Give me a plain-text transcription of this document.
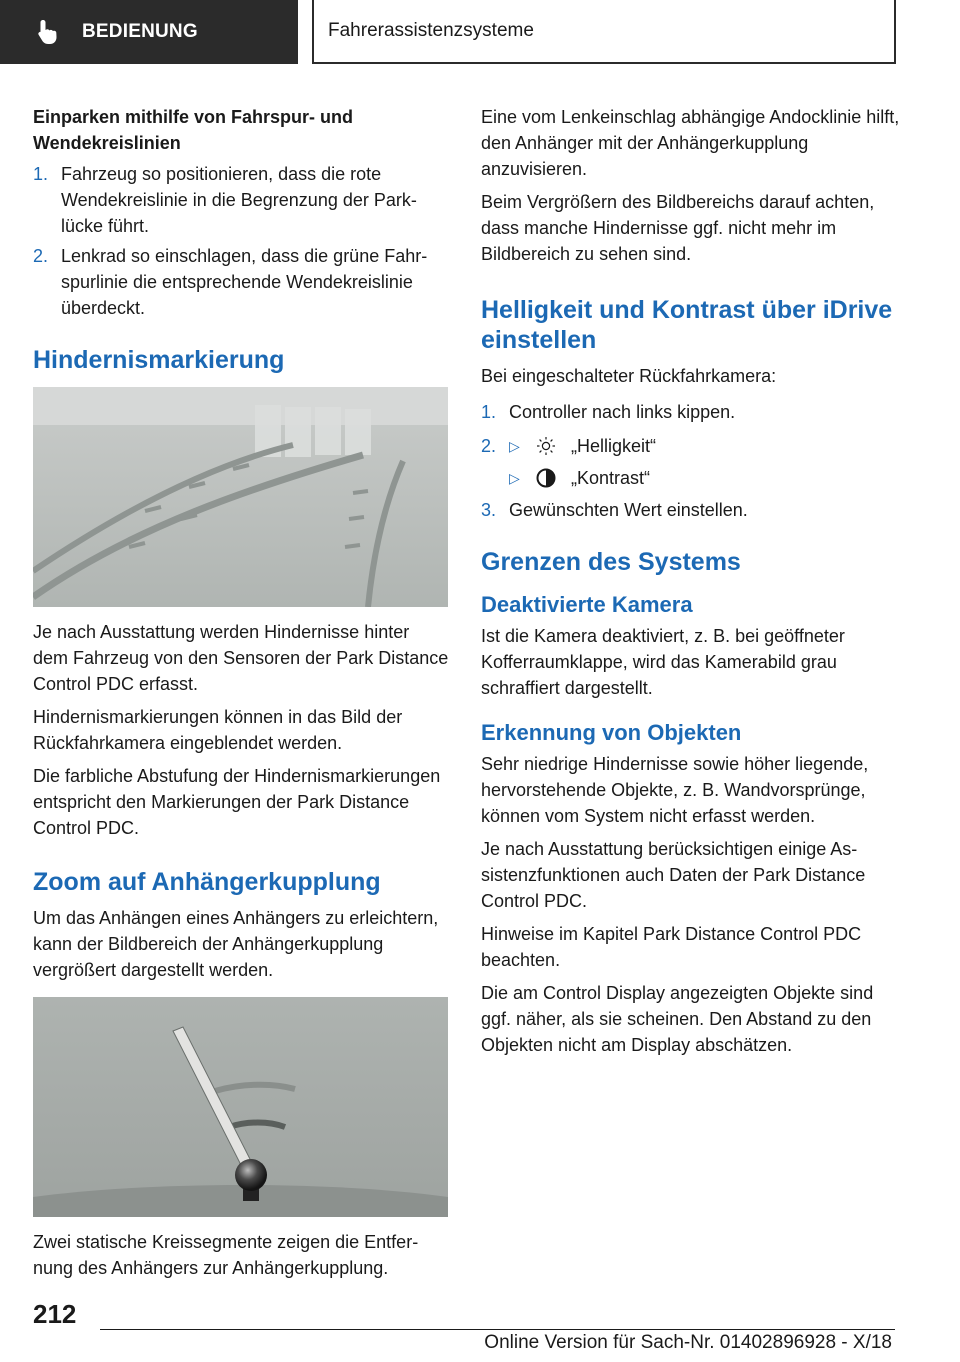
BEDIENUNG	Fahrerassistenzsysteme
Einparken mithilfe von Fahrspur- und Wendekreislinien
1. Fahrzeug so positionieren, dass die rote Wendekreislinie in die Begrenzung der Parklücke führt.
2. Lenkrad so einschlagen, dass die grüne Fahrspurlinie die entsprechende Wendekreislinie überdeckt.
Hindernismarkierung

Je nach Ausstattung werden Hindernisse hinter dem Fahrzeug von den Sensoren der Park Distance Control PDC erfasst.

Hindernismarkierungen können in das Bild der Rückfahrkamera eingeblendet werden.

Die farbliche Abstufung der Hindernismarkierungen entspricht den Markierungen der Park Distance Control PDC.

Zoom auf Anhängerkupplung

Um das Anhängen eines Anhängers zu erleichtern, kann der Bildbereich der Anhängerkupplung vergrößert dargestellt werden.

Zwei statische Kreissegmente zeigen die Entfernung des Anhängers zur Anhängerkupplung.

Eine vom Lenkeinschlag abhängige Andocklinie hilft, den Anhänger mit der Anhängerkupplung anzuvisieren.

Beim Vergrößern des Bildbereichs darauf achten, dass manche Hindernisse ggf. nicht mehr im Bildbereich zu sehen sind.

Helligkeit und Kontrast über iDrive einstellen

Bei eingeschalteter Rückfahrkamera:

1. Controller nach links kippen.
2. ▷	„Helligkeit“
▷	„Kontrast“
3. Gewünschten Wert einstellen.
Grenzen des Systems
Deaktivierte Kamera

Ist die Kamera deaktiviert, z. B. bei geöffneter Kofferraumklappe, wird das Kamerabild grau schraffiert dargestellt.

Erkennung von Objekten

Sehr niedrige Hindernisse sowie höher liegende, hervorstehende Objekte, z. B. Wandvorsprünge, können vom System nicht erfasst werden.

Je nach Ausstattung berücksichtigen einige Assistenzfunktionen auch Daten der Park Distance Control PDC.

Hinweise im Kapitel Park Distance Control PDC beachten.

Die am Control Display angezeigten Objekte sind ggf. näher, als sie scheinen. Den Abstand zu den Objekten nicht am Display abschätzen.

212
Online Version für Sach-Nr. 01402896928 - X/18
